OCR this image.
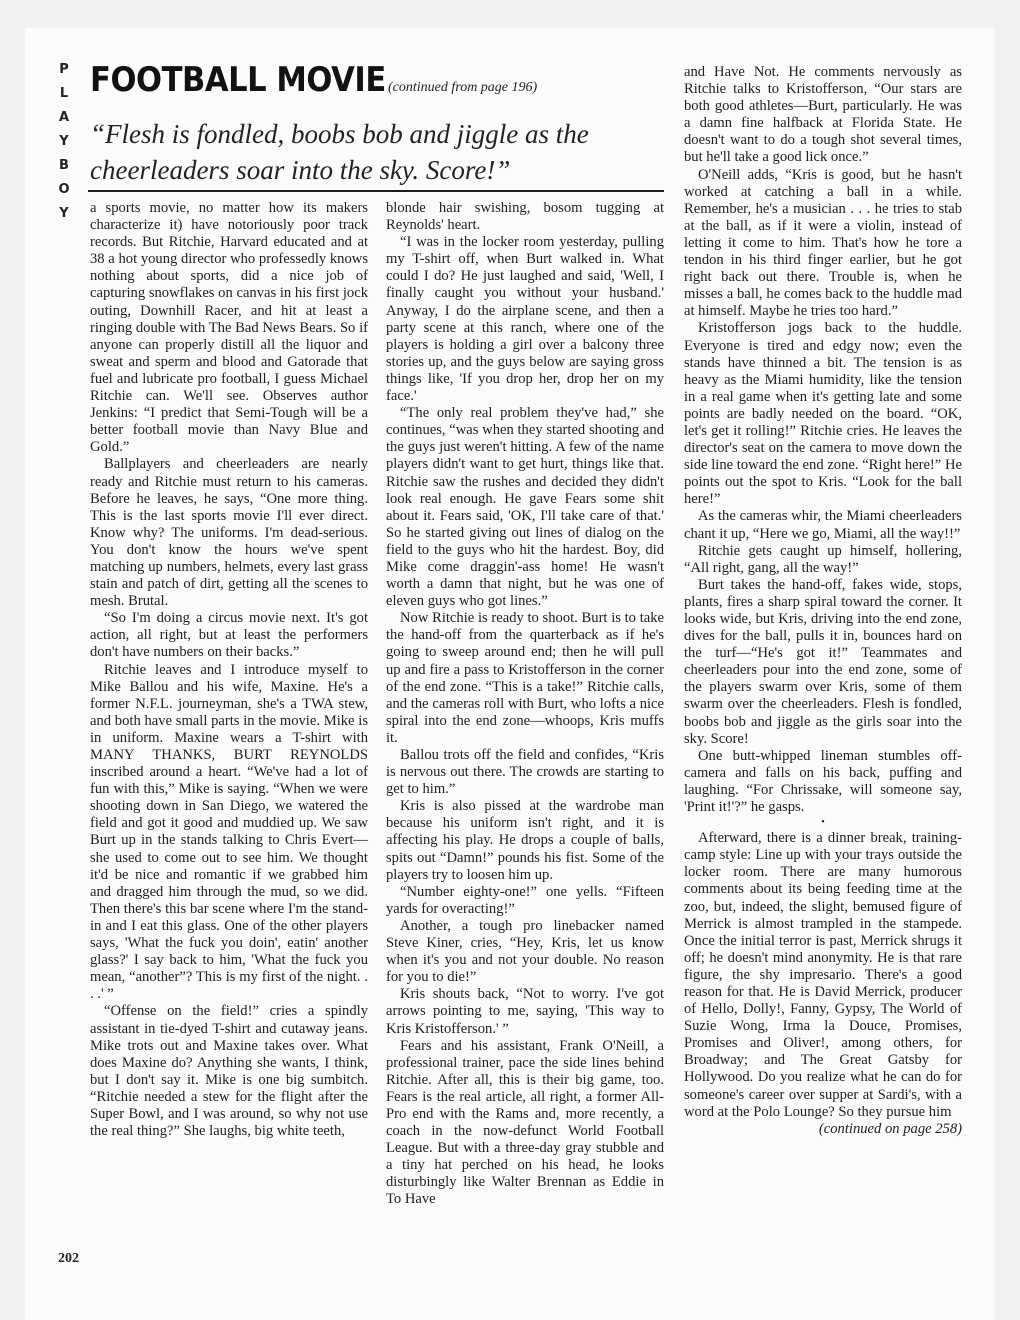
P
L
A
Y
B
O
Y
FOOTBALL MOVIE (continued from page 196)
“Flesh is fondled, boobs bob and jiggle as the cheerleaders soar into the sky. Score!”

a sports movie, no matter how its makers characterize it) have notoriously poor track records. But Ritchie, Harvard educated and at 38 a hot young director who professedly knows nothing about sports, did a nice job of capturing snowflakes on canvas in his first jock outing, Downhill Racer, and hit at least a ringing double with The Bad News Bears. So if anyone can properly distill all the liquor and sweat and sperm and blood and Gatorade that fuel and lubricate pro football, I guess Michael Ritchie can. We'll see. Observes author Jenkins: “I predict that Semi-Tough will be a better football movie than Navy Blue and Gold.”

Ballplayers and cheerleaders are nearly ready and Ritchie must return to his cameras. Before he leaves, he says, “One more thing. This is the last sports movie I'll ever direct. Know why? The uniforms. I'm dead-serious. You don't know the hours we've spent matching up numbers, helmets, every last grass stain and patch of dirt, getting all the scenes to mesh. Brutal.

“So I'm doing a circus movie next. It's got action, all right, but at least the performers don't have numbers on their backs.”

Ritchie leaves and I introduce myself to Mike Ballou and his wife, Maxine. He's a former N.F.L. journeyman, she's a TWA stew, and both have small parts in the movie. Mike is in uniform. Maxine wears a T-shirt with MANY THANKS, BURT REYNOLDS inscribed around a heart. “We've had a lot of fun with this,” Mike is saying. “When we were shooting down in San Diego, we watered the field and got it good and muddied up. We saw Burt up in the stands talking to Chris Evert—she used to come out to see him. We thought it'd be nice and romantic if we grabbed him and dragged him through the mud, so we did. Then there's this bar scene where I'm the stand-in and I eat this glass. One of the other players says, 'What the fuck you doin', eatin' another glass?' I say back to him, 'What the fuck you mean, “another”? This is my first of the night. . . .' ”

“Offense on the field!” cries a spindly assistant in tie-dyed T-shirt and cutaway jeans. Mike trots out and Maxine takes over. What does Maxine do? Anything she wants, I think, but I don't say it. Mike is one big sumbitch. “Ritchie needed a stew for the flight after the Super Bowl, and I was around, so why not use the real thing?” She laughs, big white teeth,

blonde hair swishing, bosom tugging at Reynolds' heart.

“I was in the locker room yesterday, pulling my T-shirt off, when Burt walked in. What could I do? He just laughed and said, 'Well, I finally caught you without your husband.' Anyway, I do the airplane scene, and then a party scene at this ranch, where one of the players is holding a girl over a balcony three stories up, and the guys below are saying gross things like, 'If you drop her, drop her on my face.'

“The only real problem they've had,” she continues, “was when they started shooting and the guys just weren't hitting. A few of the name players didn't want to get hurt, things like that. Ritchie saw the rushes and decided they didn't look real enough. He gave Fears some shit about it. Fears said, 'OK, I'll take care of that.' So he started giving out lines of dialog on the field to the guys who hit the hardest. Boy, did Mike come draggin'-ass home! He wasn't worth a damn that night, but he was one of eleven guys who got lines.”

Now Ritchie is ready to shoot. Burt is to take the hand-off from the quarterback as if he's going to sweep around end; then he will pull up and fire a pass to Kristofferson in the corner of the end zone. “This is a take!” Ritchie calls, and the cameras roll with Burt, who lofts a nice spiral into the end zone—whoops, Kris muffs it.

Ballou trots off the field and confides, “Kris is nervous out there. The crowds are starting to get to him.”

Kris is also pissed at the wardrobe man because his uniform isn't right, and it is affecting his play. He drops a couple of balls, spits out “Damn!” pounds his fist. Some of the players try to loosen him up.

“Number eighty-one!” one yells. “Fifteen yards for overacting!”

Another, a tough pro linebacker named Steve Kiner, cries, “Hey, Kris, let us know when it's you and not your double. No reason for you to die!”

Kris shouts back, “Not to worry. I've got arrows pointing to me, saying, 'This way to Kris Kristofferson.' ”

Fears and his assistant, Frank O'Neill, a professional trainer, pace the side lines behind Ritchie. After all, this is their big game, too. Fears is the real article, all right, a former All-Pro end with the Rams and, more recently, a coach in the now-defunct World Football League. But with a three-day gray stubble and a tiny hat perched on his head, he looks disturbingly like Walter Brennan as Eddie in To Have

and Have Not. He comments nervously as Ritchie talks to Kristofferson, “Our stars are both good athletes—Burt, particularly. He was a damn fine halfback at Florida State. He doesn't want to do a tough shot several times, but he'll take a good lick once.”

O'Neill adds, “Kris is good, but he hasn't worked at catching a ball in a while. Remember, he's a musician . . . he tries to stab at the ball, as if it were a violin, instead of letting it come to him. That's how he tore a tendon in his third finger earlier, but he got right back out there. Trouble is, when he misses a ball, he comes back to the huddle mad at himself. Maybe he tries too hard.”

Kristofferson jogs back to the huddle. Everyone is tired and edgy now; even the stands have thinned a bit. The tension is as heavy as the Miami humidity, like the tension in a real game when it's getting late and some points are badly needed on the board. “OK, let's get it rolling!” Ritchie cries. He leaves the director's seat on the camera to move down the side line toward the end zone. “Right here!” He points out the spot to Kris. “Look for the ball here!”

As the cameras whir, the Miami cheerleaders chant it up, “Here we go, Miami, all the way!!”

Ritchie gets caught up himself, hollering, “All right, gang, all the way!”

Burt takes the hand-off, fakes wide, stops, plants, fires a sharp spiral toward the corner. It looks wide, but Kris, driving into the end zone, dives for the ball, pulls it in, bounces hard on the turf—“He's got it!” Teammates and cheerleaders pour into the end zone, some of the players swarm over Kris, some of them swarm over the cheerleaders. Flesh is fondled, boobs bob and jiggle as the girls soar into the sky. Score!

One butt-whipped lineman stumbles off-camera and falls on his back, puffing and laughing. “For Chrissake, will someone say, 'Print it!'?” he gasps.

•

Afterward, there is a dinner break, training-camp style: Line up with your trays outside the locker room. There are many humorous comments about its being feeding time at the zoo, but, indeed, the slight, bemused figure of Merrick is almost trampled in the stampede. Once the initial terror is past, Merrick shrugs it off; he doesn't mind anonymity. He is that rare figure, the shy impresario. There's a good reason for that. He is David Merrick, producer of Hello, Dolly!, Fanny, Gypsy, The World of Suzie Wong, Irma la Douce, Promises, Promises and Oliver!, among others, for Broadway; and The Great Gatsby for Hollywood. Do you realize what he can do for someone's career over supper at Sardi's, with a word at the Polo Lounge? So they pursue him

(continued on page 258)

202
